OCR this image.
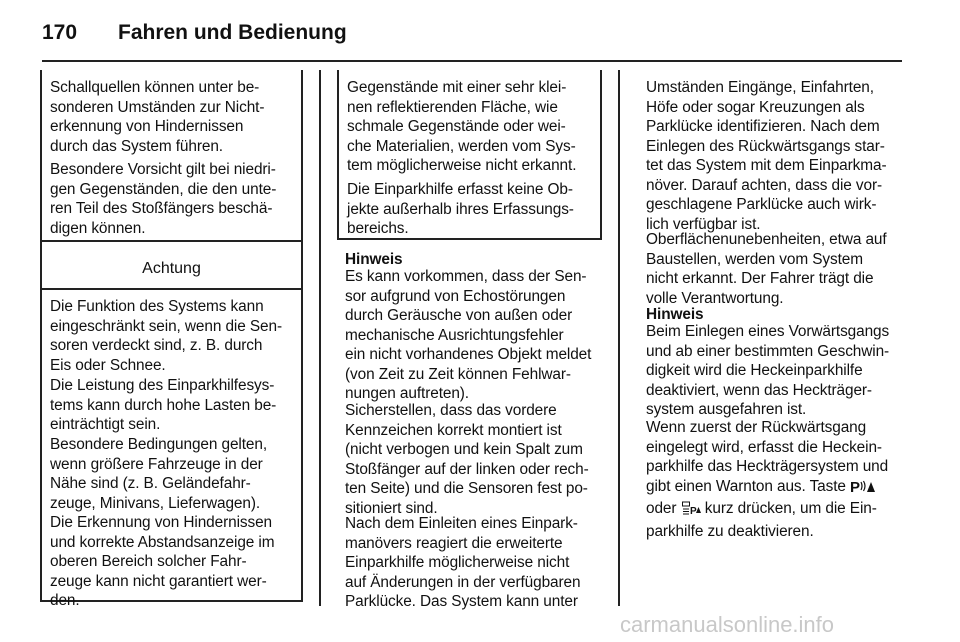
170 Fahren und Bedienung

Schallquellen können unter be-
sonderen Umständen zur Nicht-
erkennung von Hindernissen
durch das System führen.

Besondere Vorsicht gilt bei niedri-
gen Gegenständen, die den unte-
ren Teil des Stoßfängers beschä-
digen können.

Achtung

Die Funktion des Systems kann
eingeschränkt sein, wenn die Sen-
soren verdeckt sind, z. B. durch
Eis oder Schnee.

Die Leistung des Einparkhilfesys-
tems kann durch hohe Lasten be-
einträchtigt sein.

Besondere Bedingungen gelten,
wenn größere Fahrzeuge in der
Nähe sind (z. B. Geländefahr-
zeuge, Minivans, Lieferwagen).
Die Erkennung von Hindernissen
und korrekte Abstandsanzeige im
oberen Bereich solcher Fahr-
zeuge kann nicht garantiert wer-
den.

Gegenstände mit einer sehr klei-
nen reflektierenden Fläche, wie
schmale Gegenstände oder wei-
che Materialien, werden vom Sys-
tem möglicherweise nicht erkannt.

Die Einparkhilfe erfasst keine Ob-
jekte außerhalb ihres Erfassungs-
bereichs.

Hinweis

Es kann vorkommen, dass der Sen-
sor aufgrund von Echostörungen
durch Geräusche von außen oder
mechanische Ausrichtungsfehler
ein nicht vorhandenes Objekt meldet
(von Zeit zu Zeit können Fehlwar-
nungen auftreten).

Sicherstellen, dass das vordere
Kennzeichen korrekt montiert ist
(nicht verbogen und kein Spalt zum
Stoßfänger auf der linken oder rech-
ten Seite) und die Sensoren fest po-
sitioniert sind.

Nach dem Einleiten eines Einpark-
manövers reagiert die erweiterte
Einparkhilfe möglicherweise nicht
auf Änderungen in der verfügbaren
Parklücke. Das System kann unter

Umständen Eingänge, Einfahrten,
Höfe oder sogar Kreuzungen als
Parklücke identifizieren. Nach dem
Einlegen des Rückwärtsgangs star-
tet das System mit dem Einparkma-
növer. Darauf achten, dass die vor-
geschlagene Parklücke auch wirk-
lich verfügbar ist.

Oberflächenunebenheiten, etwa auf
Baustellen, werden vom System
nicht erkannt. Der Fahrer trägt die
volle Verantwortung.

Hinweis

Beim Einlegen eines Vorwärtsgangs
und ab einer bestimmten Geschwin-
digkeit wird die Heckeinparkhilfe
deaktiviert, wenn das Heckträger-
system ausgefahren ist.

Wenn zuerst der Rückwärtsgang
eingelegt wird, erfasst die Heckein-
parkhilfe das Heckträgersystem und
gibt einen Warnton aus. Taste P
oder P kurz drücken, um die Ein-
parkhilfe zu deaktivieren.
carmanualsonline.info
